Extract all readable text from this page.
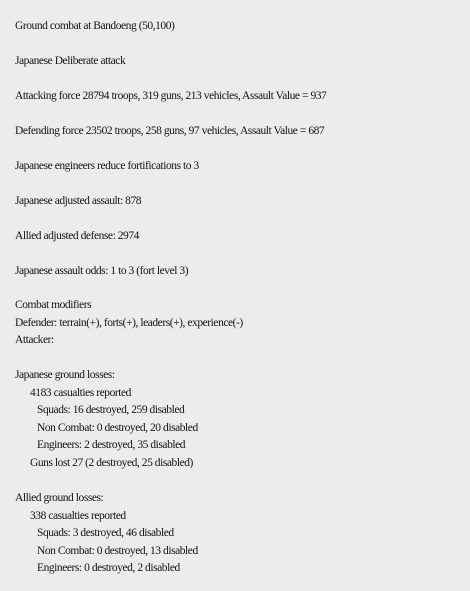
Ground combat at Bandoeng (50,100)
Japanese Deliberate attack
Attacking force 28794 troops, 319 guns, 213 vehicles, Assault Value = 937
Defending force 23502 troops, 258 guns, 97 vehicles, Assault Value = 687
Japanese engineers reduce fortifications to 3
Japanese adjusted assault: 878
Allied adjusted defense: 2974
Japanese assault odds: 1 to 3 (fort level 3)
Combat modifiers
Defender: terrain(+), forts(+), leaders(+), experience(-)
Attacker:
Japanese ground losses:
4183 casualties reported
Squads: 16 destroyed, 259 disabled
Non Combat: 0 destroyed, 20 disabled
Engineers: 2 destroyed, 35 disabled
Guns lost 27 (2 destroyed, 25 disabled)
Allied ground losses:
338 casualties reported
Squads: 3 destroyed, 46 disabled
Non Combat: 0 destroyed, 13 disabled
Engineers: 0 destroyed, 2 disabled
